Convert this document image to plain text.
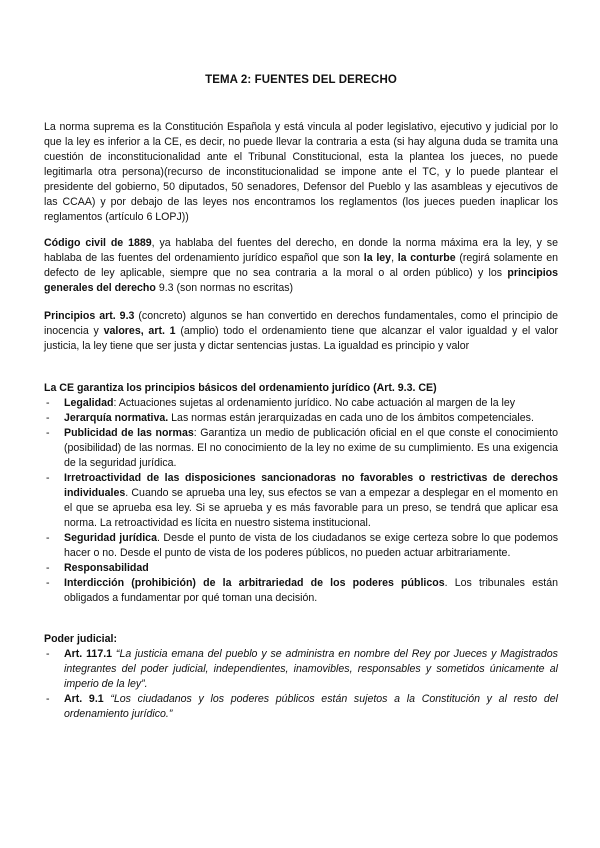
TEMA 2: FUENTES DEL DERECHO

La norma suprema es la Constitución Española y está vincula al poder legislativo, ejecutivo y judicial por lo que la ley es inferior a la CE, es decir, no puede llevar la contraria a esta (si hay alguna duda se tramita una cuestión de inconstitucionalidad ante el Tribunal Constitucional, esta la plantea los jueces, no puede legitimarla otra persona)(recurso de inconstitucionalidad se impone ante el TC, y lo puede plantear el presidente del gobierno, 50 diputados, 50 senadores, Defensor del Pueblo y las asambleas y ejecutivos de las CCAA) y por debajo de las leyes nos encontramos los reglamentos (los jueces pueden inaplicar los reglamentos (artículo 6 LOPJ))

Código civil de 1889, ya hablaba del fuentes del derecho, en donde la norma máxima era la ley, y se hablaba de las fuentes del ordenamiento jurídico español que son la ley, la conturbe (regirá solamente en defecto de ley aplicable, siempre que no sea contraria a la moral o al orden público) y los principios generales del derecho 9.3 (son normas no escritas)

Principios art. 9.3 (concreto) algunos se han convertido en derechos fundamentales, como el principio de inocencia y valores, art. 1 (amplio) todo el ordenamiento tiene que alcanzar el valor igualdad y el valor justicia, la ley tiene que ser justa y dictar sentencias justas. La igualdad es principio y valor

La CE garantiza los principios básicos del ordenamiento jurídico (Art. 9.3. CE)
- Legalidad: Actuaciones sujetas al ordenamiento jurídico. No cabe actuación al margen de la ley
- Jerarquía normativa. Las normas están jerarquizadas en cada uno de los ámbitos competenciales.
- Publicidad de las normas: Garantiza un medio de publicación oficial en el que conste el conocimiento (posibilidad) de las normas. El no conocimiento de la ley no exime de su cumplimiento. Es una exigencia de la seguridad jurídica.
- Irretroactividad de las disposiciones sancionadoras no favorables o restrictivas de derechos individuales. Cuando se aprueba una ley, sus efectos se van a empezar a desplegar en el momento en el que se aprueba esa ley. Si se aprueba y es más favorable para un preso, se tendrá que aplicar esa norma. La retroactividad es lícita en nuestro sistema institucional.
- Seguridad jurídica. Desde el punto de vista de los ciudadanos se exige certeza sobre lo que podemos hacer o no. Desde el punto de vista de los poderes públicos, no pueden actuar arbitrariamente.
- Responsabilidad
- Interdicción (prohibición) de la arbitrariedad de los poderes públicos. Los tribunales están obligados a fundamentar por qué toman una decisión.
Poder judicial:
- Art. 117.1 “La justicia emana del pueblo y se administra en nombre del Rey por Jueces y Magistrados integrantes del poder judicial, independientes, inamovibles, responsables y sometidos únicamente al imperio de la ley”.
- Art. 9.1 “Los ciudadanos y los poderes públicos están sujetos a la Constitución y al resto del ordenamiento jurídico.”
